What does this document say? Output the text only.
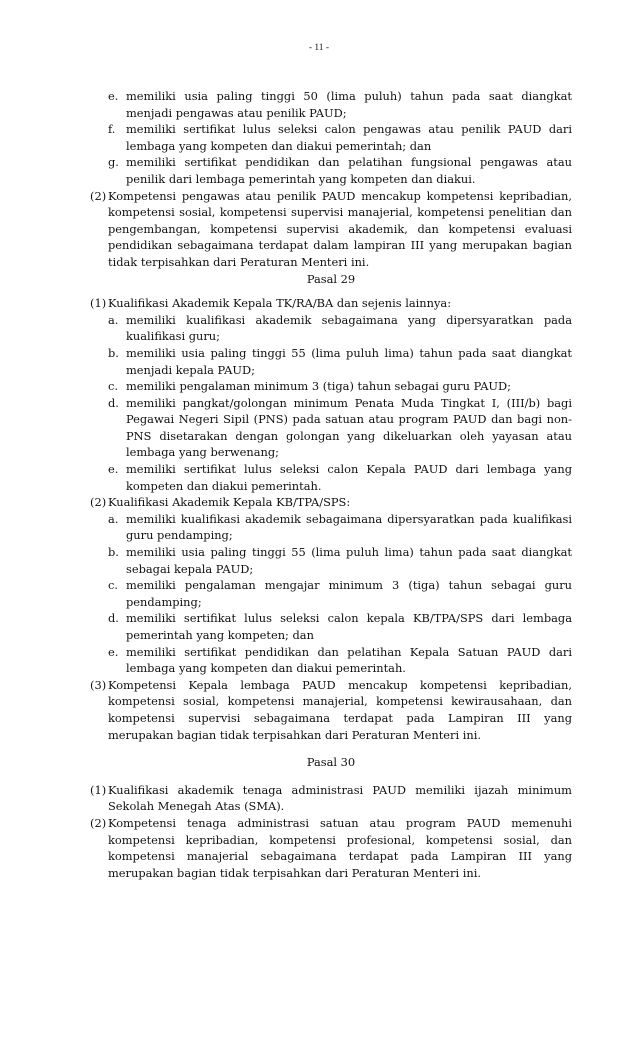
- 11 -
e. memiliki usia paling tinggi 50 (lima puluh) tahun pada saat diangkat menjadi pengawas atau penilik PAUD;
f. memiliki sertifikat lulus seleksi calon pengawas atau penilik PAUD dari lembaga yang kompeten dan diakui pemerintah; dan
g. memiliki sertifikat pendidikan dan pelatihan fungsional pengawas atau penilik dari lembaga pemerintah yang kompeten dan diakui.
(2) Kompetensi pengawas atau penilik PAUD mencakup kompetensi kepribadian, kompetensi sosial, kompetensi supervisi manajerial, kompetensi penelitian dan pengembangan, kompetensi supervisi akademik, dan kompetensi evaluasi pendidikan sebagaimana terdapat dalam lampiran III yang merupakan bagian tidak terpisahkan dari Peraturan Menteri ini.
Pasal 29
(1) Kualifikasi Akademik Kepala TK/RA/BA dan sejenis lainnya:
a. memiliki kualifikasi akademik sebagaimana yang dipersyaratkan pada kualifikasi guru;
b. memiliki usia paling tinggi 55 (lima puluh lima) tahun pada saat diangkat menjadi kepala PAUD;
c. memiliki pengalaman minimum 3 (tiga) tahun sebagai guru PAUD;
d. memiliki pangkat/golongan minimum Penata Muda Tingkat I, (III/b) bagi Pegawai Negeri Sipil (PNS) pada satuan atau program PAUD dan bagi non-PNS disetarakan dengan golongan yang dikeluarkan oleh yayasan atau lembaga yang berwenang;
e. memiliki sertifikat lulus seleksi calon Kepala PAUD dari lembaga yang kompeten dan diakui pemerintah.
(2) Kualifikasi Akademik Kepala KB/TPA/SPS:
a. memiliki kualifikasi akademik sebagaimana dipersyaratkan pada kualifikasi guru pendamping;
b. memiliki usia paling tinggi 55 (lima puluh lima) tahun pada saat diangkat sebagai kepala PAUD;
c. memiliki pengalaman mengajar minimum 3 (tiga) tahun sebagai guru pendamping;
d. memiliki sertifikat lulus seleksi calon kepala KB/TPA/SPS dari lembaga pemerintah yang kompeten; dan
e. memiliki sertifikat pendidikan dan pelatihan Kepala Satuan PAUD dari lembaga yang kompeten dan diakui pemerintah.
(3) Kompetensi Kepala lembaga PAUD mencakup kompetensi kepribadian, kompetensi sosial, kompetensi manajerial, kompetensi kewirausahaan, dan kompetensi supervisi sebagaimana terdapat pada Lampiran III yang merupakan bagian tidak terpisahkan dari Peraturan Menteri ini.
Pasal 30
(1) Kualifikasi akademik tenaga administrasi PAUD memiliki ijazah minimum Sekolah Menegah Atas (SMA).
(2) Kompetensi tenaga administrasi satuan atau program PAUD memenuhi kompetensi kepribadian, kompetensi profesional, kompetensi sosial, dan kompetensi manajerial sebagaimana terdapat pada Lampiran III yang merupakan bagian tidak terpisahkan dari Peraturan Menteri ini.
